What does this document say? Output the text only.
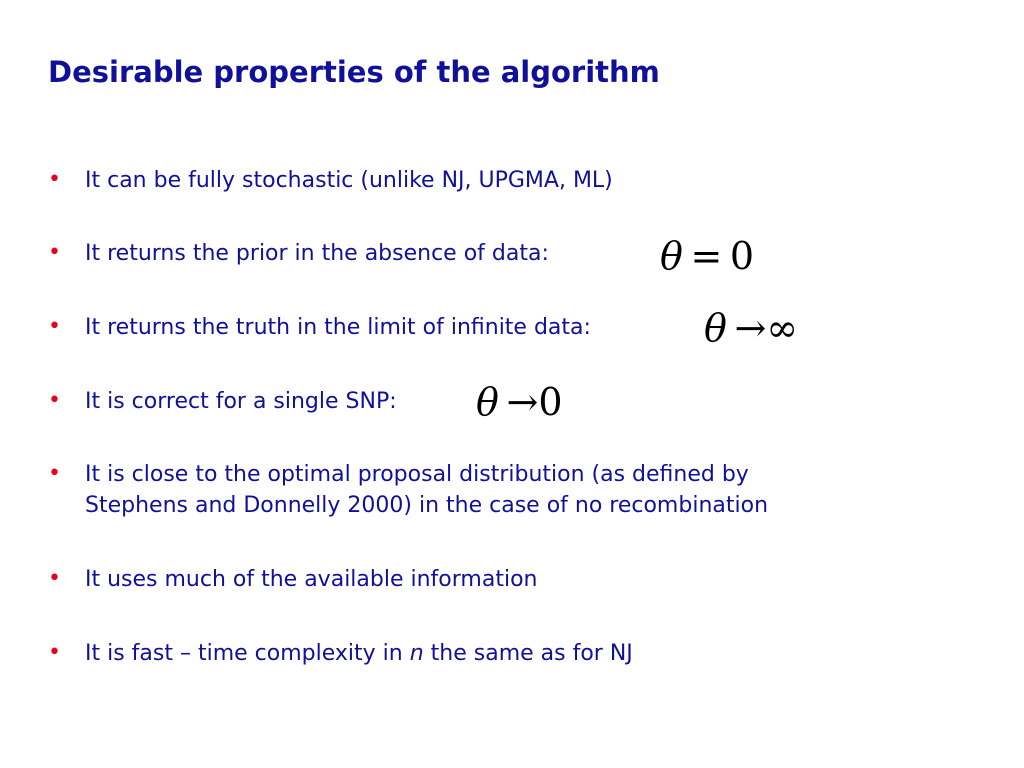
Desirable properties of the algorithm
• It can be fully stochastic (unlike NJ, UPGMA, ML)
• It returns the prior in the absence of data:	θ  =  0
• It returns the truth in the limit of infinite data:	θ  →∞
• It is correct for a single SNP: θ  →0
• It is close to the optimal proposal distribution (as defined by
Stephens and Donnelly 2000) in the case of no recombination
• It uses much of the available information
• It is fast – time complexity in n the same as for NJ
